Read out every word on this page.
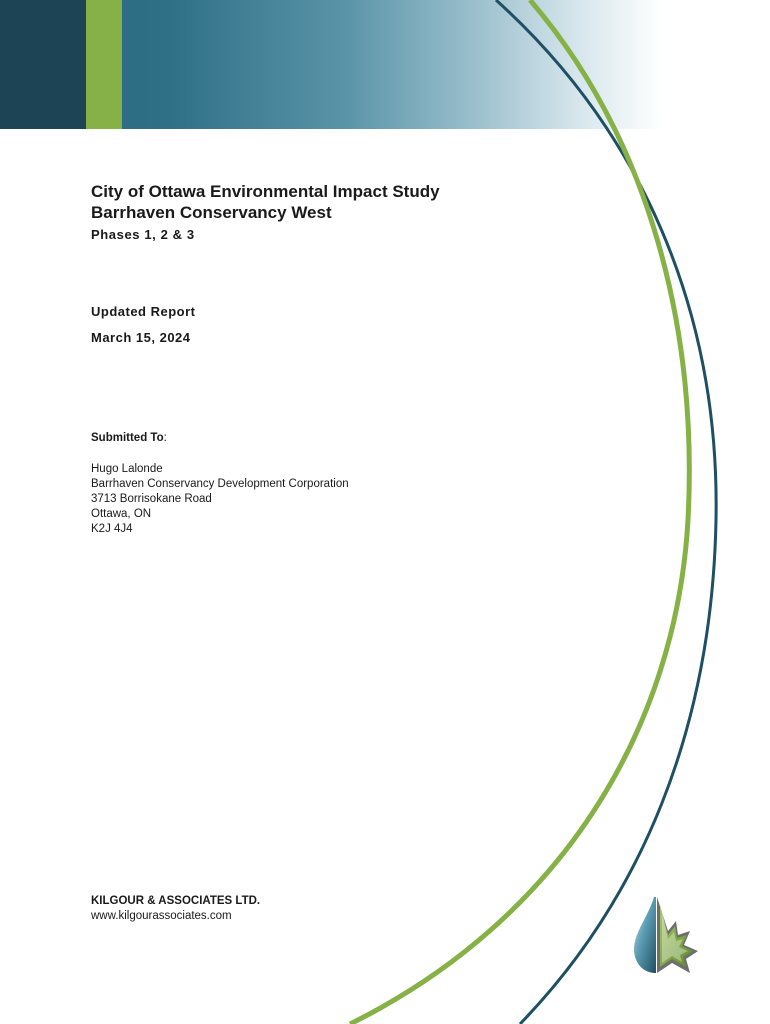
City of Ottawa Environmental Impact Study
Barrhaven Conservancy West
Phases 1, 2 & 3
Updated Report
March 15, 2024
Submitted To:
Hugo Lalonde
Barrhaven Conservancy Development Corporation
3713 Borrisokane Road
Ottawa, ON
K2J 4J4
KILGOUR & ASSOCIATES LTD.
www.kilgourassociates.com
